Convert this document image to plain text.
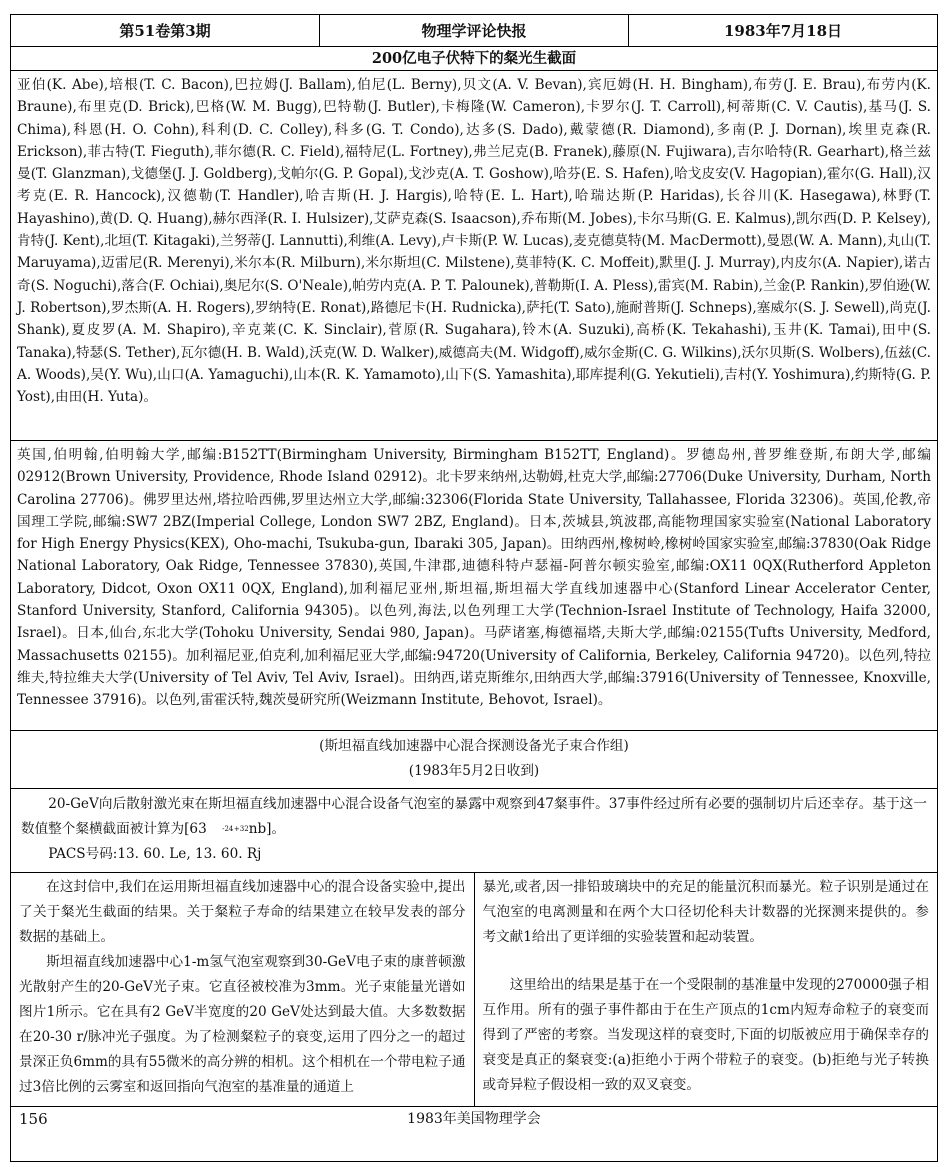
第51卷第3期	物理学评论快报	1983年7月18日
200亿电子伏特下的粲光生截面
亚伯(K. Abe),培根(T. C. Bacon),巴拉姆(J. Ballam),伯尼(L. Berny),贝文(A. V. Bevan),宾厄姆(H. H. Bingham),布劳(J. E. Brau),布劳内(K. Braune),布里克(D. Brick),巴格(W. M. Bugg),巴特勒(J. Butler),卡梅隆(W. Cameron),卡罗尔(J. T. Carroll),柯蒂斯(C. V. Cautis),基马(J. S. Chima),科恩(H. O. Cohn),科利(D. C. Colley),科多(G. T. Condo),达多(S. Dado),戴蒙德(R. Diamond),多南(P. J. Dornan),埃里克森(R. Erickson),菲古特(T. Fieguth),菲尔德(R. C. Field),福特尼(L. Fortney),弗兰尼克(B. Franek),藤原(N. Fujiwara),吉尔哈特(R. Gearhart),格兰兹曼(T. Glanzman),戈德堡(J. J. Goldberg),戈帕尔(G. P. Gopal),戈沙克(A. T. Goshow),哈芬(E. S. Hafen),哈戈皮安(V. Hagopian),霍尔(G. Hall),汉考克(E. R. Hancock),汉德勒(T. Handler),哈吉斯(H. J. Hargis),哈特(E. L. Hart),哈瑞达斯(P. Haridas),长谷川(K. Hasegawa),林野(T. Hayashino),黄(D. Q. Huang),赫尔西泽(R. I. Hulsizer),艾萨克森(S. Isaacson),乔布斯(M. Jobes),卡尔马斯(G. E. Kalmus),凯尔西(D. P. Kelsey),肯特(J. Kent),北垣(T. Kitagaki),兰努蒂(J. Lannutti),利维(A. Levy),卢卡斯(P. W. Lucas),麦克德莫特(M. MacDermott),曼恩(W. A. Mann),丸山(T. Maruyama),迈雷尼(R. Merenyi),米尔本(R. Milburn),米尔斯坦(C. Milstene),莫菲特(K. C. Moffeit),默里(J. J. Murray),内皮尔(A. Napier),诺古奇(S. Noguchi),落合(F. Ochiai),奥尼尔(S. O'Neale),帕劳内克(A. P. T. Palounek),普勒斯(I. A. Pless),雷宾(M. Rabin),兰金(P. Rankin),罗伯逊(W. J. Robertson),罗杰斯(A. H. Rogers),罗纳特(E. Ronat),路德尼卡(H. Rudnicka),萨托(T. Sato),施耐普斯(J. Schneps),塞威尔(S. J. Sewell),尚克(J. Shank),夏皮罗(A. M. Shapiro),辛克莱(C. K. Sinclair),菅原(R. Sugahara),铃木(A. Suzuki),高桥(K. Tekahashi),玉井(K. Tamai),田中(S. Tanaka),特瑟(S. Tether),瓦尔德(H. B. Wald),沃克(W. D. Walker),威德高夫(M. Widgoff),威尔金斯(C. G. Wilkins),沃尔贝斯(S. Wolbers),伍兹(C. A. Woods),吴(Y. Wu),山口(A. Yamaguchi),山本(R. K. Yamamoto),山下(S. Yamashita),耶库提利(G. Yekutieli),吉村(Y. Yoshimura),约斯特(G. P. Yost),由田(H. Yuta)。
英国,伯明翰,伯明翰大学,邮编:B152TT(Birmingham University, Birmingham B152TT, England)。罗德岛州,普罗维登斯,布朗大学,邮编02912(Brown University, Providence, Rhode Island 02912)。北卡罗来纳州,达勒姆,杜克大学,邮编:27706(Duke University, Durham, North Carolina 27706)。佛罗里达州,塔拉哈西佛,罗里达州立大学,邮编:32306(Florida State University, Tallahassee, Florida 32306)。英国,伦教,帝国理工学院,邮编:SW7 2BZ(Imperial College, London SW7 2BZ, England)。日本,茨城县,筑波郡,高能物理国家实验室(National Laboratory for High Energy Physics(KEX), Oho-machi, Tsukuba-gun, Ibaraki 305, Japan)。田纳西州,橡树岭,橡树岭国家实验室,邮编:37830(Oak Ridge National Laboratory, Oak Ridge, Tennessee 37830),英国,牛津郡,迪德科特卢瑟福-阿普尔顿实验室,邮编:OX11 0QX(Rutherford Appleton Laboratory, Didcot, Oxon OX11 0QX, England),加利福尼亚州,斯坦福,斯坦福大学直线加速器中心(Stanford Linear Accelerator Center, Stanford University, Stanford, California 94305)。以色列,海法,以色列理工大学(Technion-Israel Institute of Technology, Haifa 32000, Israel)。日本,仙台,东北大学(Tohoku University, Sendai 980, Japan)。马萨诸塞,梅德福塔,夫斯大学,邮编:02155(Tufts University, Medford, Massachusetts 02155)。加利福尼亚,伯克利,加利福尼亚大学,邮编:94720(University of California, Berkeley, California 94720)。以色列,特拉维夫,特拉维夫大学(University of Tel Aviv, Tel Aviv, Israel)。田纳西,诺克斯维尔,田纳西大学,邮编:37916(University of Tennessee, Knoxville, Tennessee 37916)。以色列,雷霍沃特,魏茨曼研究所(Weizmann Institute, Behovot, Israel)。
(斯坦福直线加速器中心混合探测设备光子束合作组)
(1983年5月2日收到)

20-GeV向后散射激光束在斯坦福直线加速器中心混合设备气泡室的暴露中观察到47粲事件。37事件经过所有必要的强制切片后还幸存。基于这一数值整个粲横截面被计算为[63	$^{+32 -24}$ nb]。

PACS号码:13. 60. Le, 13. 60. Rj

在这封信中,我们在运用斯坦福直线加速器中心的混合设备实验中,提出了关于粲光生截面的结果。关于粲粒子寿命的结果建立在较早发表的部分数据的基础上。

斯坦福直线加速器中心1-m氢气泡室观察到30-GeV电子束的康普顿激光散射产生的20-GeV光子束。它直径被校准为3mm。光子束能量光谱如图片1所示。它在具有2 GeV半宽度的20 GeV处达到最大值。大多数数据在20-30 r/脉冲光子强度。为了检测粲粒子的衰变,运用了四分之一的超过景深正负6mm的具有55微米的高分辨的相机。这个相机在一个带电粒子通过3倍比例的云雾室和返回指向气泡室的基准量的通道上

暴光,或者,因一排铅玻璃块中的充足的能量沉积而暴光。粒子识别是通过在气泡室的电离测量和在两个大口径切伦科夫计数器的光探测来提供的。参考文献1给出了更详细的实验装置和起动装置。

这里给出的结果是基于在一个受限制的基准量中发现的270000强子相互作用。所有的强子事件都由于在生产顶点的1cm内短寿命粒子的衰变而得到了严密的考察。当发现这样的衰变时,下面的切版被应用于确保幸存的衰变是真正的粲衰变:(a)拒绝小于两个带粒子的衰变。(b)拒绝与光子转换或奇异粒子假设相一致的双叉衰变。

156	1983年美国物理学会
